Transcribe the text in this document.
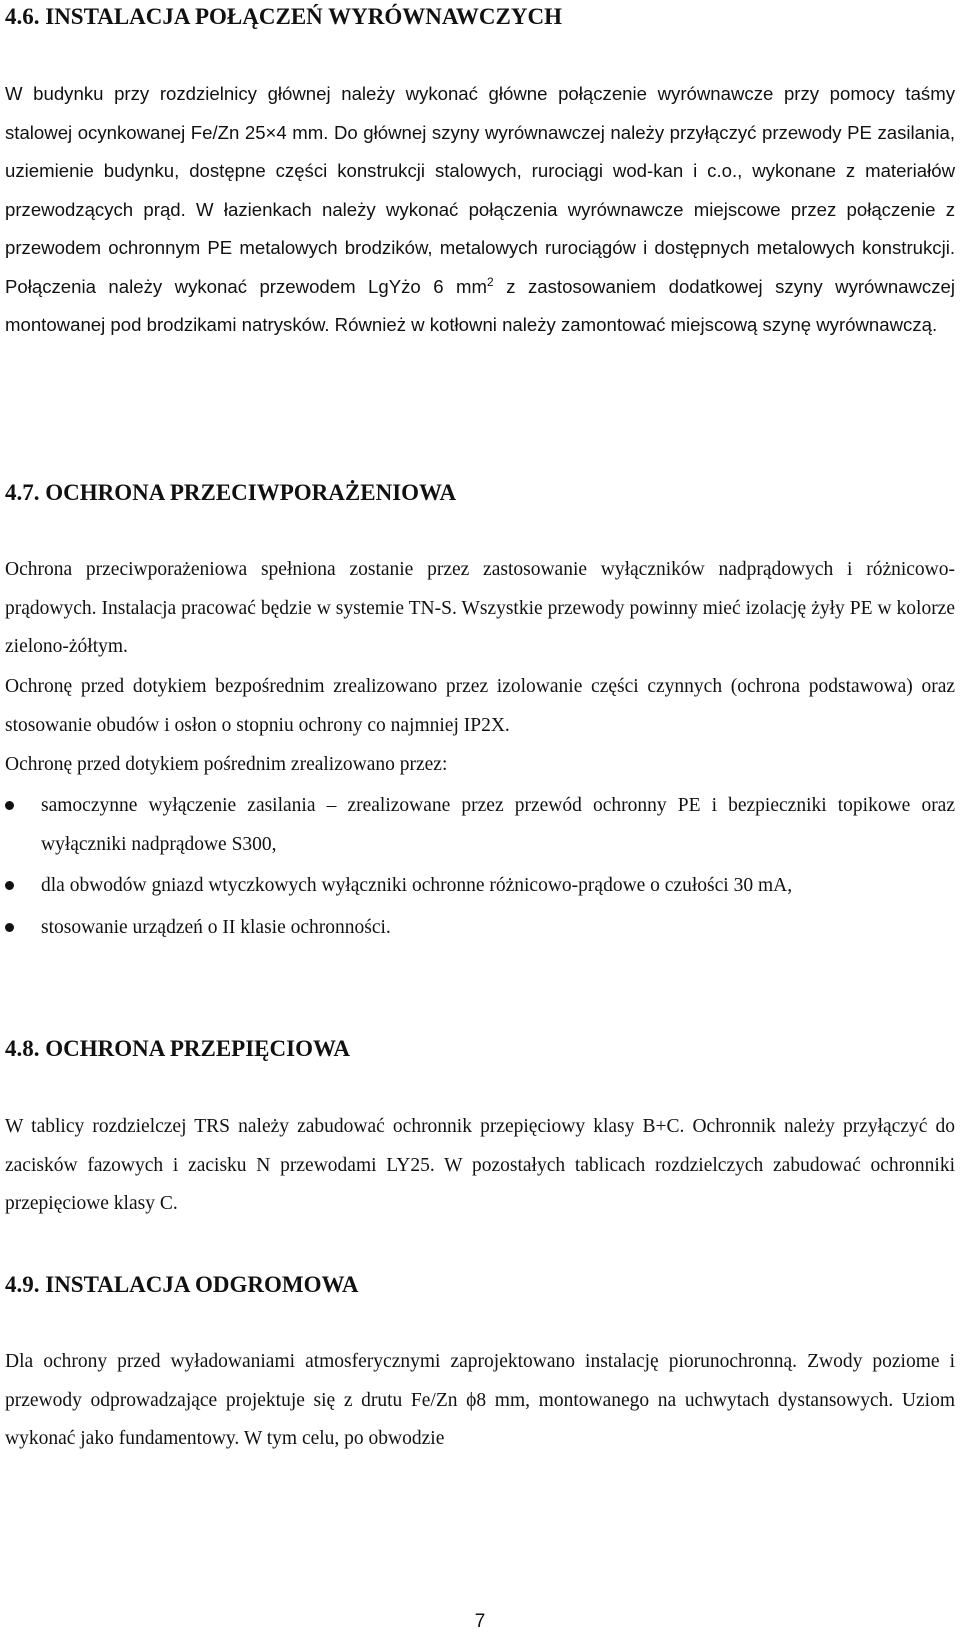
4.6. INSTALACJA POŁĄCZEŃ WYRÓWNAWCZYCH

W budynku przy rozdzielnicy głównej należy wykonać główne połączenie wyrównawcze przy pomocy taśmy stalowej ocynkowanej Fe/Zn 25×4 mm. Do głównej szyny wyrównawczej należy przyłączyć przewody PE zasilania, uziemienie budynku, dostępne części konstrukcji stalowych, rurociągi wod-kan i c.o., wykonane z materiałów przewodzących prąd. W łazienkach należy wykonać połączenia wyrównawcze miejscowe przez połączenie z przewodem ochronnym PE metalowych brodzików, metalowych rurociągów i dostępnych metalowych konstrukcji. Połączenia należy wykonać przewodem LgYżo 6 $mm^2$ z zastosowaniem dodatkowej szyny wyrównawczej montowanej pod brodzikami natrysków. Również w kotłowni należy zamontować miejscową szynę wyrównawczą.

4.7. OCHRONA PRZECIWPORAŻENIOWA

Ochrona przeciwporażeniowa spełniona zostanie przez zastosowanie wyłączników nadprądowych i różnicowo-prądowych. Instalacja pracować będzie w systemie TN-S. Wszystkie przewody powinny mieć izolację żyły PE w kolorze zielono-żółtym.

Ochronę przed dotykiem bezpośrednim zrealizowano przez izolowanie części czynnych (ochrona podstawowa) oraz stosowanie obudów i osłon o stopniu ochrony co najmniej IP2X.

Ochronę przed dotykiem pośrednim zrealizowano przez:

samoczynne wyłączenie zasilania – zrealizowane przez przewód ochronny PE i bezpieczniki topikowe oraz wyłączniki nadprądowe S300,
dla obwodów gniazd wtyczkowych wyłączniki ochronne różnicowo-prądowe o czułości 30 mA,
stosowanie urządzeń o II klasie ochronności.
4.8. OCHRONA PRZEPIĘCIOWA

W tablicy rozdzielczej TRS należy zabudować ochronnik przepięciowy klasy B+C. Ochronnik należy przyłączyć do zacisków fazowych i zacisku N przewodami LY25. W pozostałych tablicach rozdzielczych zabudować ochronniki przepięciowe klasy C.

4.9. INSTALACJA ODGROMOWA

Dla ochrony przed wyładowaniami atmosferycznymi zaprojektowano instalację piorunochronną. Zwody poziome i przewody odprowadzające projektuje się z drutu Fe/Zn ϕ8 mm, montowanego na uchwytach dystansowych. Uziom wykonać jako fundamentowy. W tym celu, po obwodzie

7
